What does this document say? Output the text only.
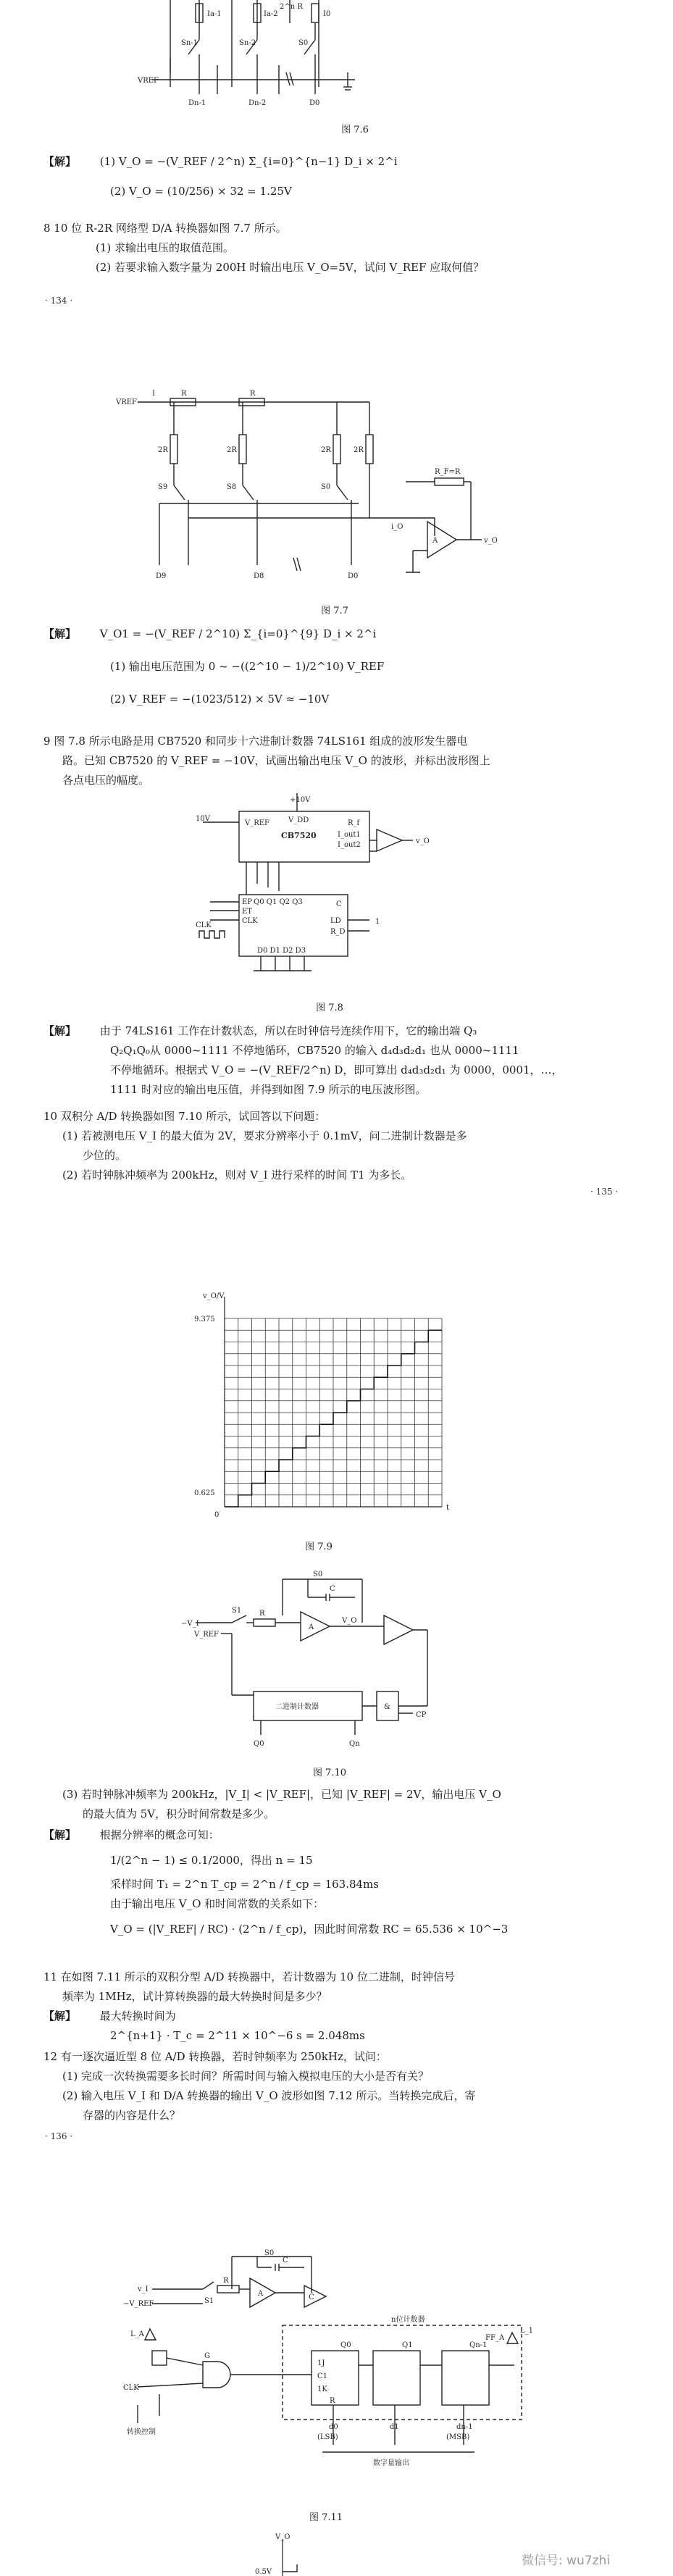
Ia-1	Ia-2
2^n R
I0
Sn-1	Sn-2	S0
VREF
Dn-1	Dn-2	D0
图 7.6
【解】 (1) V_O = −(V_REF / 2^n) Σ_{i=0}^{n−1} D_i × 2^i
(2) V_O = (10/256) × 32 = 1.25V
8 10 位 R-2R 网络型 D/A 转换器如图 7.7 所示。
(1) 求输出电压的取值范围。
(2) 若要求输入数字量为 200H 时输出电压 V_O=5V，试问 V_REF 应取何值？
· 134 ·
VREF
I	R	R
2R	2R	2R	2R
S9	S8	S0
R_F=R
A	v_O
D9	D8	D0
i_O
图 7.7
【解】 V_O1 = −(V_REF / 2^10) Σ_{i=0}^{9} D_i × 2^i
(1) 输出电压范围为 0 ~ −((2^10 − 1)/2^10) V_REF
(2) V_REF = −(1023/512) × 5V ≈ −10V
9 图 7.8 所示电路是用 CB7520 和同步十六进制计数器 74LS161 组成的波形发生器电
路。已知 CB7520 的 V_REF = −10V，试画出输出电压 V_O 的波形，并标出波形图上
各点电压的幅度。
+10V
10V
V_REF	V_DD
CB7520	I_out1
I_out2
R_f
v_O
EP
ET
CLK	LD
R_D
C
Q0 Q1 Q2 Q3
D0 D1 D2 D3
1
CLK
图 7.8
【解】 由于 74LS161 工作在计数状态，所以在时钟信号连续作用下，它的输出端 Q₃
Q₂Q₁Q₀从 0000~1111 不停地循环，CB7520 的输入 d₄d₃d₂d₁ 也从 0000~1111
不停地循环。根据式 V_O = −(V_REF/2^n) D，即可算出 d₄d₃d₂d₁ 为 0000，0001，…，
1111 时对应的输出电压值，并得到如图 7.9 所示的电压波形图。
10 双积分 A/D 转换器如图 7.10 所示，试回答以下问题：
(1) 若被测电压 V_I 的最大值为 2V，要求分辨率小于 0.1mV，问二进制计数器是多
少位的。
(2) 若时钟脉冲频率为 200kHz，则对 V_I 进行采样的时间 T1 为多长。
· 135 ·
v_O/V
9.375
0.625
0
t
图 7.9
S0
C
S1 R
−V_I
V_REF
A
V_O
二进制计数器	&
CP
Q0	Qn
图 7.10
(3) 若时钟脉冲频率为 200kHz，|V_I| < |V_REF|，已知 |V_REF| = 2V，输出电压 V_O
的最大值为 5V，积分时间常数是多少。
【解】 根据分辨率的概念可知：
1/(2^n − 1) ≤ 0.1/2000，得出 n = 15
采样时间 T₁ = 2^n T_cp = 2^n / f_cp = 163.84ms
由于输出电压 V_O 和时间常数的关系如下：
V_O = (|V_REF| / RC) · (2^n / f_cp)，因此时间常数 RC = 65.536 × 10^−3
11 在如图 7.11 所示的双积分型 A/D 转换器中，若计数器为 10 位二进制，时钟信号
频率为 1MHz，试计算转换器的最大转换时间是多少？
【解】 最大转换时间为
2^{n+1} · T_c = 2^11 × 10^−6 s = 2.048ms
12 有一逐次逼近型 8 位 A/D 转换器，若时钟频率为 250kHz，试问：
(1) 完成一次转换需要多长时间？所需时间与输入模拟电压的大小是否有关？
(2) 输入电压 V_I 和 D/A 转换器的输出 V_O 波形如图 7.12 所示。当转换完成后，寄
存器的内容是什么？
· 136 ·
S0
C
v_I
S1
R
−V_REF
A	C
n位计数器
L_A	L_1
FF_A
CLK
转换控制
(LSB)	(MSB)
数字量输出
d0	d1	dn-1
Q0	Q1	Qn-1
1J
C1
1K
R
G
图 7.11
V_O
0.5V
微信号: wu7zhi
